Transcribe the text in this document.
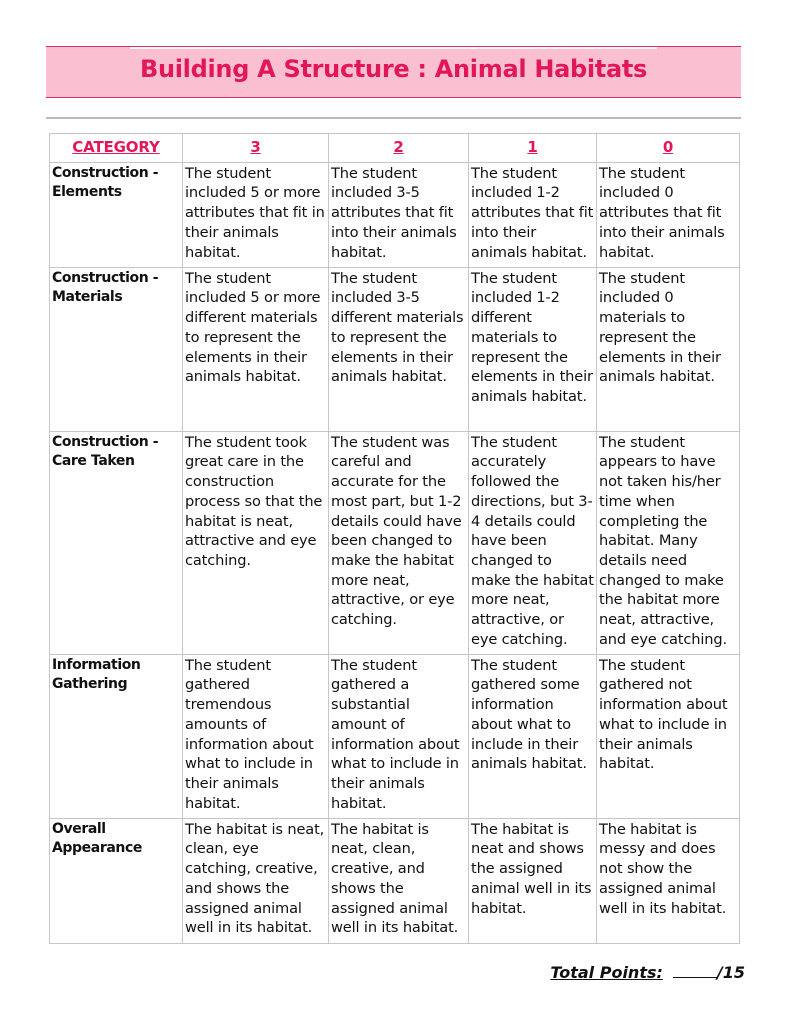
Building A Structure : Animal Habitats
CATEGORY	3	2	1	0
Construction - Elements	The student included 5 or more attributes that fit in their animals habitat.	The student included 3-5 attributes that fit into their animals habitat.	The student included 1-2 attributes that fit into their animals habitat.	The student included 0 attributes that fit into their animals habitat.
Construction - Materials	The student included 5 or more different materials to represent the elements in their animals habitat.	The student included 3-5 different materials to represent the elements in their animals habitat.	The student included 1-2 different materials to represent the elements in their animals habitat.	The student included 0 materials to represent the elements in their animals habitat.
Construction - Care Taken	The student took great care in the construction process so that the habitat is neat, attractive and eye catching.	The student was careful and accurate for the most part, but 1-2 details could have been changed to make the habitat more neat, attractive, or eye catching.	The student accurately followed the directions, but 3-4 details could have been changed to make the habitat more neat, attractive, or eye catching.	The student appears to have not taken his/her time when completing the habitat. Many details need changed to make the habitat more neat, attractive, and eye catching.
Information Gathering	The student gathered tremendous amounts of information about what to include in their animals habitat.	The student gathered a substantial amount of information about what to include in their animals habitat.	The student gathered some information about what to include in their animals habitat.	The student gathered not information about what to include in their animals habitat.
Overall Appearance	The habitat is neat, clean, eye catching, creative, and shows the assigned animal well in its habitat.	The habitat is neat, clean, creative, and shows the assigned animal well in its habitat.	The habitat is neat and shows the assigned animal well in its habitat.	The habitat is messy and does not show the assigned animal well in its habitat.
Total Points:	/15
